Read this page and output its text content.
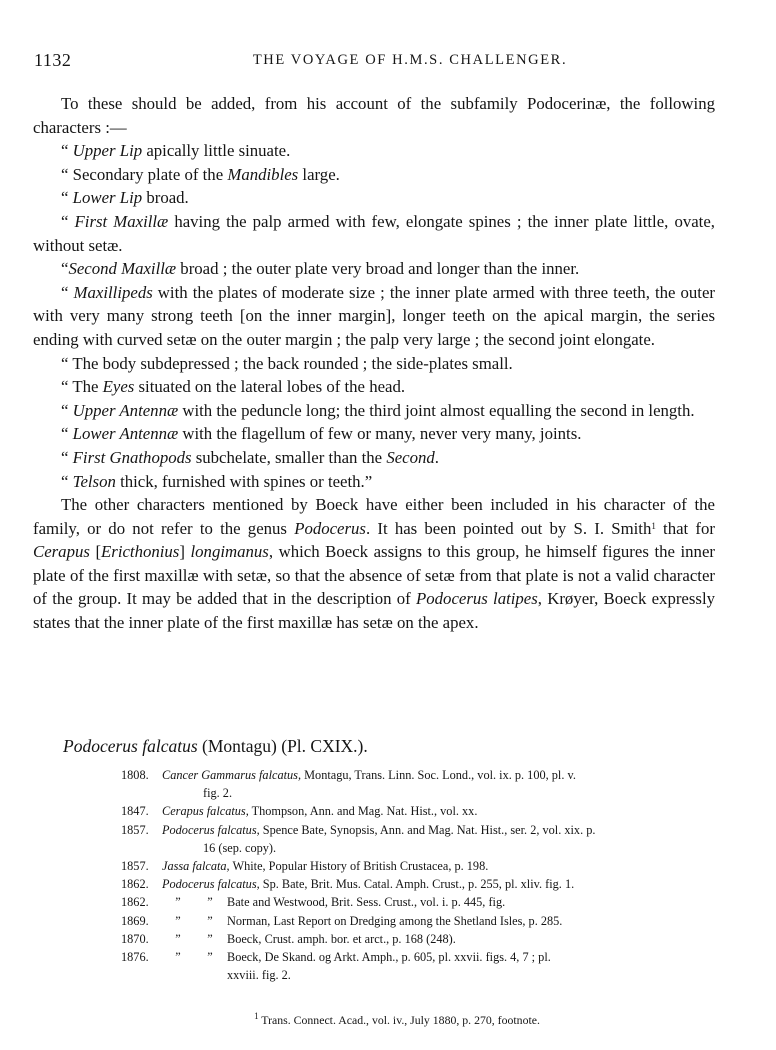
1132	THE VOYAGE OF H.M.S. CHALLENGER.

To these should be added, from his account of the subfamily Podocerinæ, the following characters :—

“ Upper Lip apically little sinuate.

“ Secondary plate of the Mandibles large.

“ Lower Lip broad.

“ First Maxillæ having the palp armed with few, elongate spines ; the inner plate little, ovate, without setæ.

“Second Maxillæ broad ; the outer plate very broad and longer than the inner.

“ Maxillipeds with the plates of moderate size ; the inner plate armed with three teeth, the outer with very many strong teeth [on the inner margin], longer teeth on the apical margin, the series ending with curved setæ on the outer margin ; the palp very large ; the second joint elongate.

“ The body subdepressed ; the back rounded ; the side-plates small.

“ The Eyes situated on the lateral lobes of the head.

“ Upper Antennæ with the peduncle long; the third joint almost equalling the second in length.

“ Lower Antennæ with the flagellum of few or many, never very many, joints.

“ First Gnathopods subchelate, smaller than the Second.

“ Telson thick, furnished with spines or teeth.”

The other characters mentioned by Boeck have either been included in his character of the family, or do not refer to the genus Podocerus. It has been pointed out by S. I. Smith$^1$ that for Cerapus [Ericthonius] longimanus, which Boeck assigns to this group, he himself figures the inner plate of the first maxillæ with setæ, so that the absence of setæ from that plate is not a valid character of the group. It may be added that in the description of Podocerus latipes, Krøyer, Boeck expressly states that the inner plate of the first maxillæ has setæ on the apex.

Podocerus falcatus (Montagu) (Pl. CXIX.).
1808.	Cancer Gammarus falcatus, Montagu, Trans. Linn. Soc. Lond., vol. ix. p. 100, pl. v.
fig. 2.
1847.	Cerapus falcatus, Thompson, Ann. and Mag. Nat. Hist., vol. xx.
1857.	Podocerus falcatus, Spence Bate, Synopsis, Ann. and Mag. Nat. Hist., ser. 2, vol. xix. p.
16 (sep. copy).
1857.	Jassa falcata, White, Popular History of British Crustacea, p. 198.
1862.	Podocerus falcatus, Sp. Bate, Brit. Mus. Catal. Amph. Crust., p. 255, pl. xliv. fig. 1.
1862.	”	”	Bate and Westwood, Brit. Sess. Crust., vol. i. p. 445, fig.
1869.	”	”	Norman, Last Report on Dredging among the Shetland Isles, p. 285.
1870.	”	”	Boeck, Crust. amph. bor. et arct., p. 168 (248).
1876.	”	”	Boeck, De Skand. og Arkt. Amph., p. 605, pl. xxvii. figs. 4, 7 ; pl.
xxviii. fig. 2.
$^1$ Trans. Connect. Acad., vol. iv., July 1880, p. 270, footnote.
